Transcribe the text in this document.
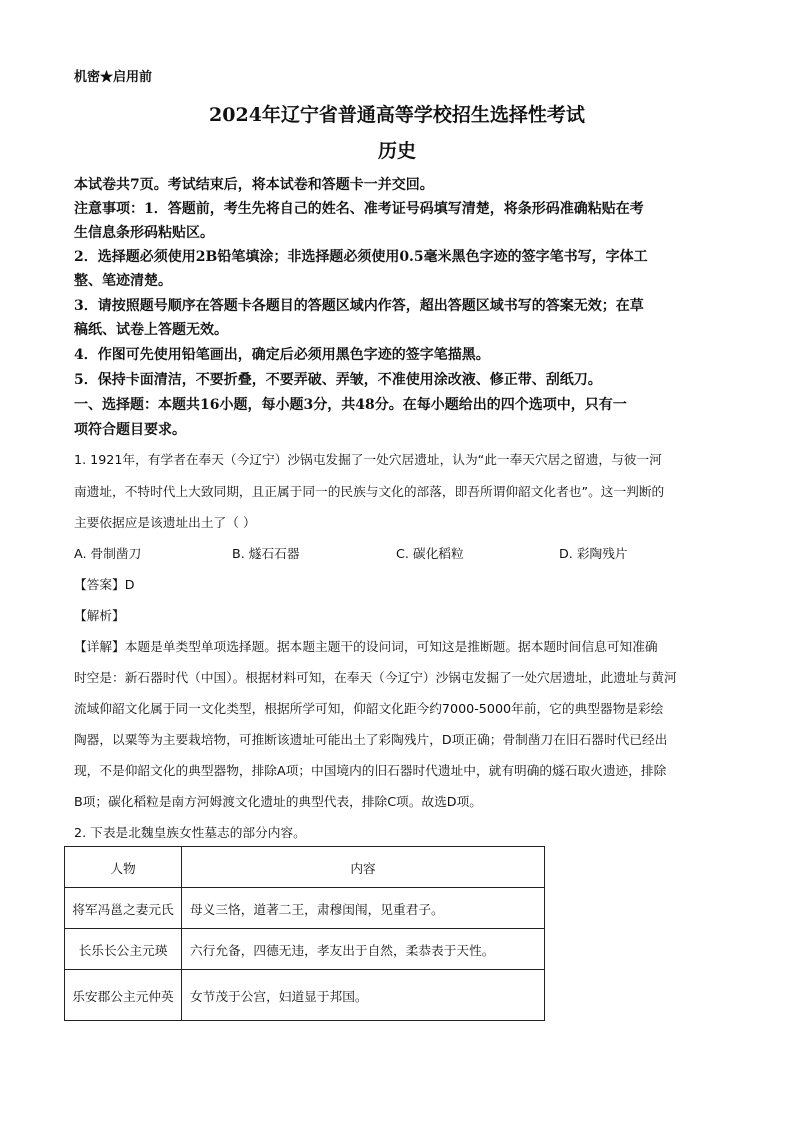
机密★启用前
2024年辽宁省普通高等学校招生选择性考试
历史
本试卷共7页。考试结束后，将本试卷和答题卡一并交回。
注意事项：1．答题前，考生先将自己的姓名、准考证号码填写清楚，将条形码准确粘贴在考
生信息条形码粘贴区。
2．选择题必须使用2B铅笔填涂；非选择题必须使用0.5毫米黑色字迹的签字笔书写，字体工
整、笔迹清楚。
3．请按照题号顺序在答题卡各题目的答题区域内作答，超出答题区域书写的答案无效；在草
稿纸、试卷上答题无效。
4．作图可先使用铅笔画出，确定后必须用黑色字迹的签字笔描黑。
5．保持卡面清洁，不要折叠，不要弄破、弄皱，不准使用涂改液、修正带、刮纸刀。
一、选择题：本题共16小题，每小题3分，共48分。在每小题给出的四个选项中，只有一
项符合题目要求。
1. 1921年，有学者在奉天（今辽宁）沙锅屯发掘了一处穴居遗址，认为“此一奉天穴居之留遗，与彼一河
南遗址，不特时代上大致同期，且正属于同一的民族与文化的部落，即吾所谓仰韶文化者也”。这一判断的
主要依据应是该遗址出土了（ ）
A. 骨制凿刀	B. 燧石石器	C. 碳化稻粒	D. 彩陶残片
【答案】D
【解析】
【详解】本题是单类型单项选择题。据本题主题干的设问词，可知这是推断题。据本题时间信息可知准确
时空是：新石器时代（中国）。根据材料可知，在奉天（今辽宁）沙锅屯发掘了一处穴居遗址，此遗址与黄河
流域仰韶文化属于同一文化类型，根据所学可知，仰韶文化距今约7000-5000年前，它的典型器物是彩绘
陶器，以粟等为主要栽培物，可推断该遗址可能出土了彩陶残片，D项正确；骨制凿刀在旧石器时代已经出
现，不是仰韶文化的典型器物，排除A项；中国境内的旧石器时代遗址中，就有明确的燧石取火遗迹，排除
B项；碳化稻粒是南方河姆渡文化遗址的典型代表，排除C项。故选D项。
2. 下表是北魏皇族女性墓志的部分内容。
人物	内容
将军冯邕之妻元氏	母义三恪，道著二王，肃穆闺闱，见重君子。
长乐长公主元瑛	六行允备，四德无违，孝友出于自然，柔恭表于天性。
乐安郡公主元仲英	女节茂于公宫，妇道显于邦国。
